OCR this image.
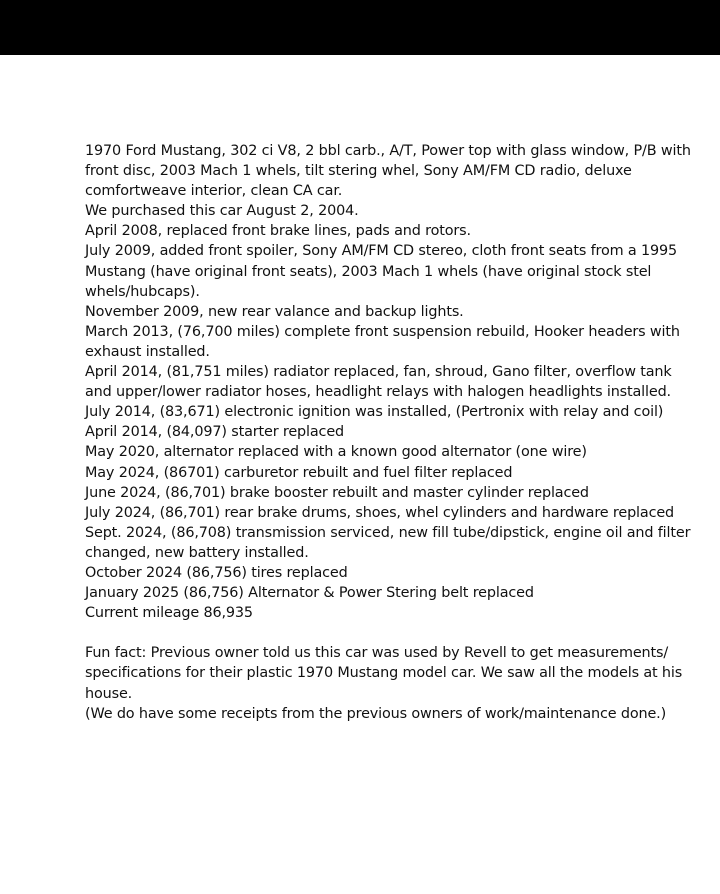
1970 Ford Mustang, 302 ci V8, 2 bbl carb., A/T, Power top with glass window, P/B with front disc, 2003 Mach 1 whels, tilt stering whel, Sony AM/FM CD radio, deluxe comfortweave interior, clean CA car.

We purchased this car August 2, 2004.

April 2008, replaced front brake lines, pads and rotors.

July 2009, added front spoiler, Sony AM/FM CD stereo, cloth front seats from a 1995 Mustang (have original front seats), 2003 Mach 1 whels (have original stock stel whels/hubcaps).

November 2009, new rear valance and backup lights.

March 2013, (76,700 miles) complete front suspension rebuild, Hooker headers with exhaust installed.

April 2014, (81,751 miles) radiator replaced, fan, shroud, Gano filter, overflow tank and upper/lower radiator hoses, headlight relays with halogen headlights installed.

July 2014, (83,671) electronic ignition was installed, (Pertronix with relay and coil)

April 2014, (84,097) starter replaced

May 2020, alternator replaced with a known good alternator (one wire)

May 2024, (86701) carburetor rebuilt and fuel filter replaced

June 2024, (86,701) brake booster rebuilt and master cylinder replaced

July 2024, (86,701) rear brake drums, shoes, whel cylinders and hardware replaced

Sept. 2024, (86,708) transmission serviced, new fill tube/dipstick, engine oil and filter changed, new battery installed.

October 2024 (86,756) tires replaced

January 2025 (86,756) Alternator & Power Stering belt replaced

Current mileage 86,935

Fun fact: Previous owner told us this car was used by Revell to get measurements/

specifications for their plastic 1970 Mustang model car. We saw all the models at his house.

(We do have some receipts from the previous owners of work/maintenance done.)
